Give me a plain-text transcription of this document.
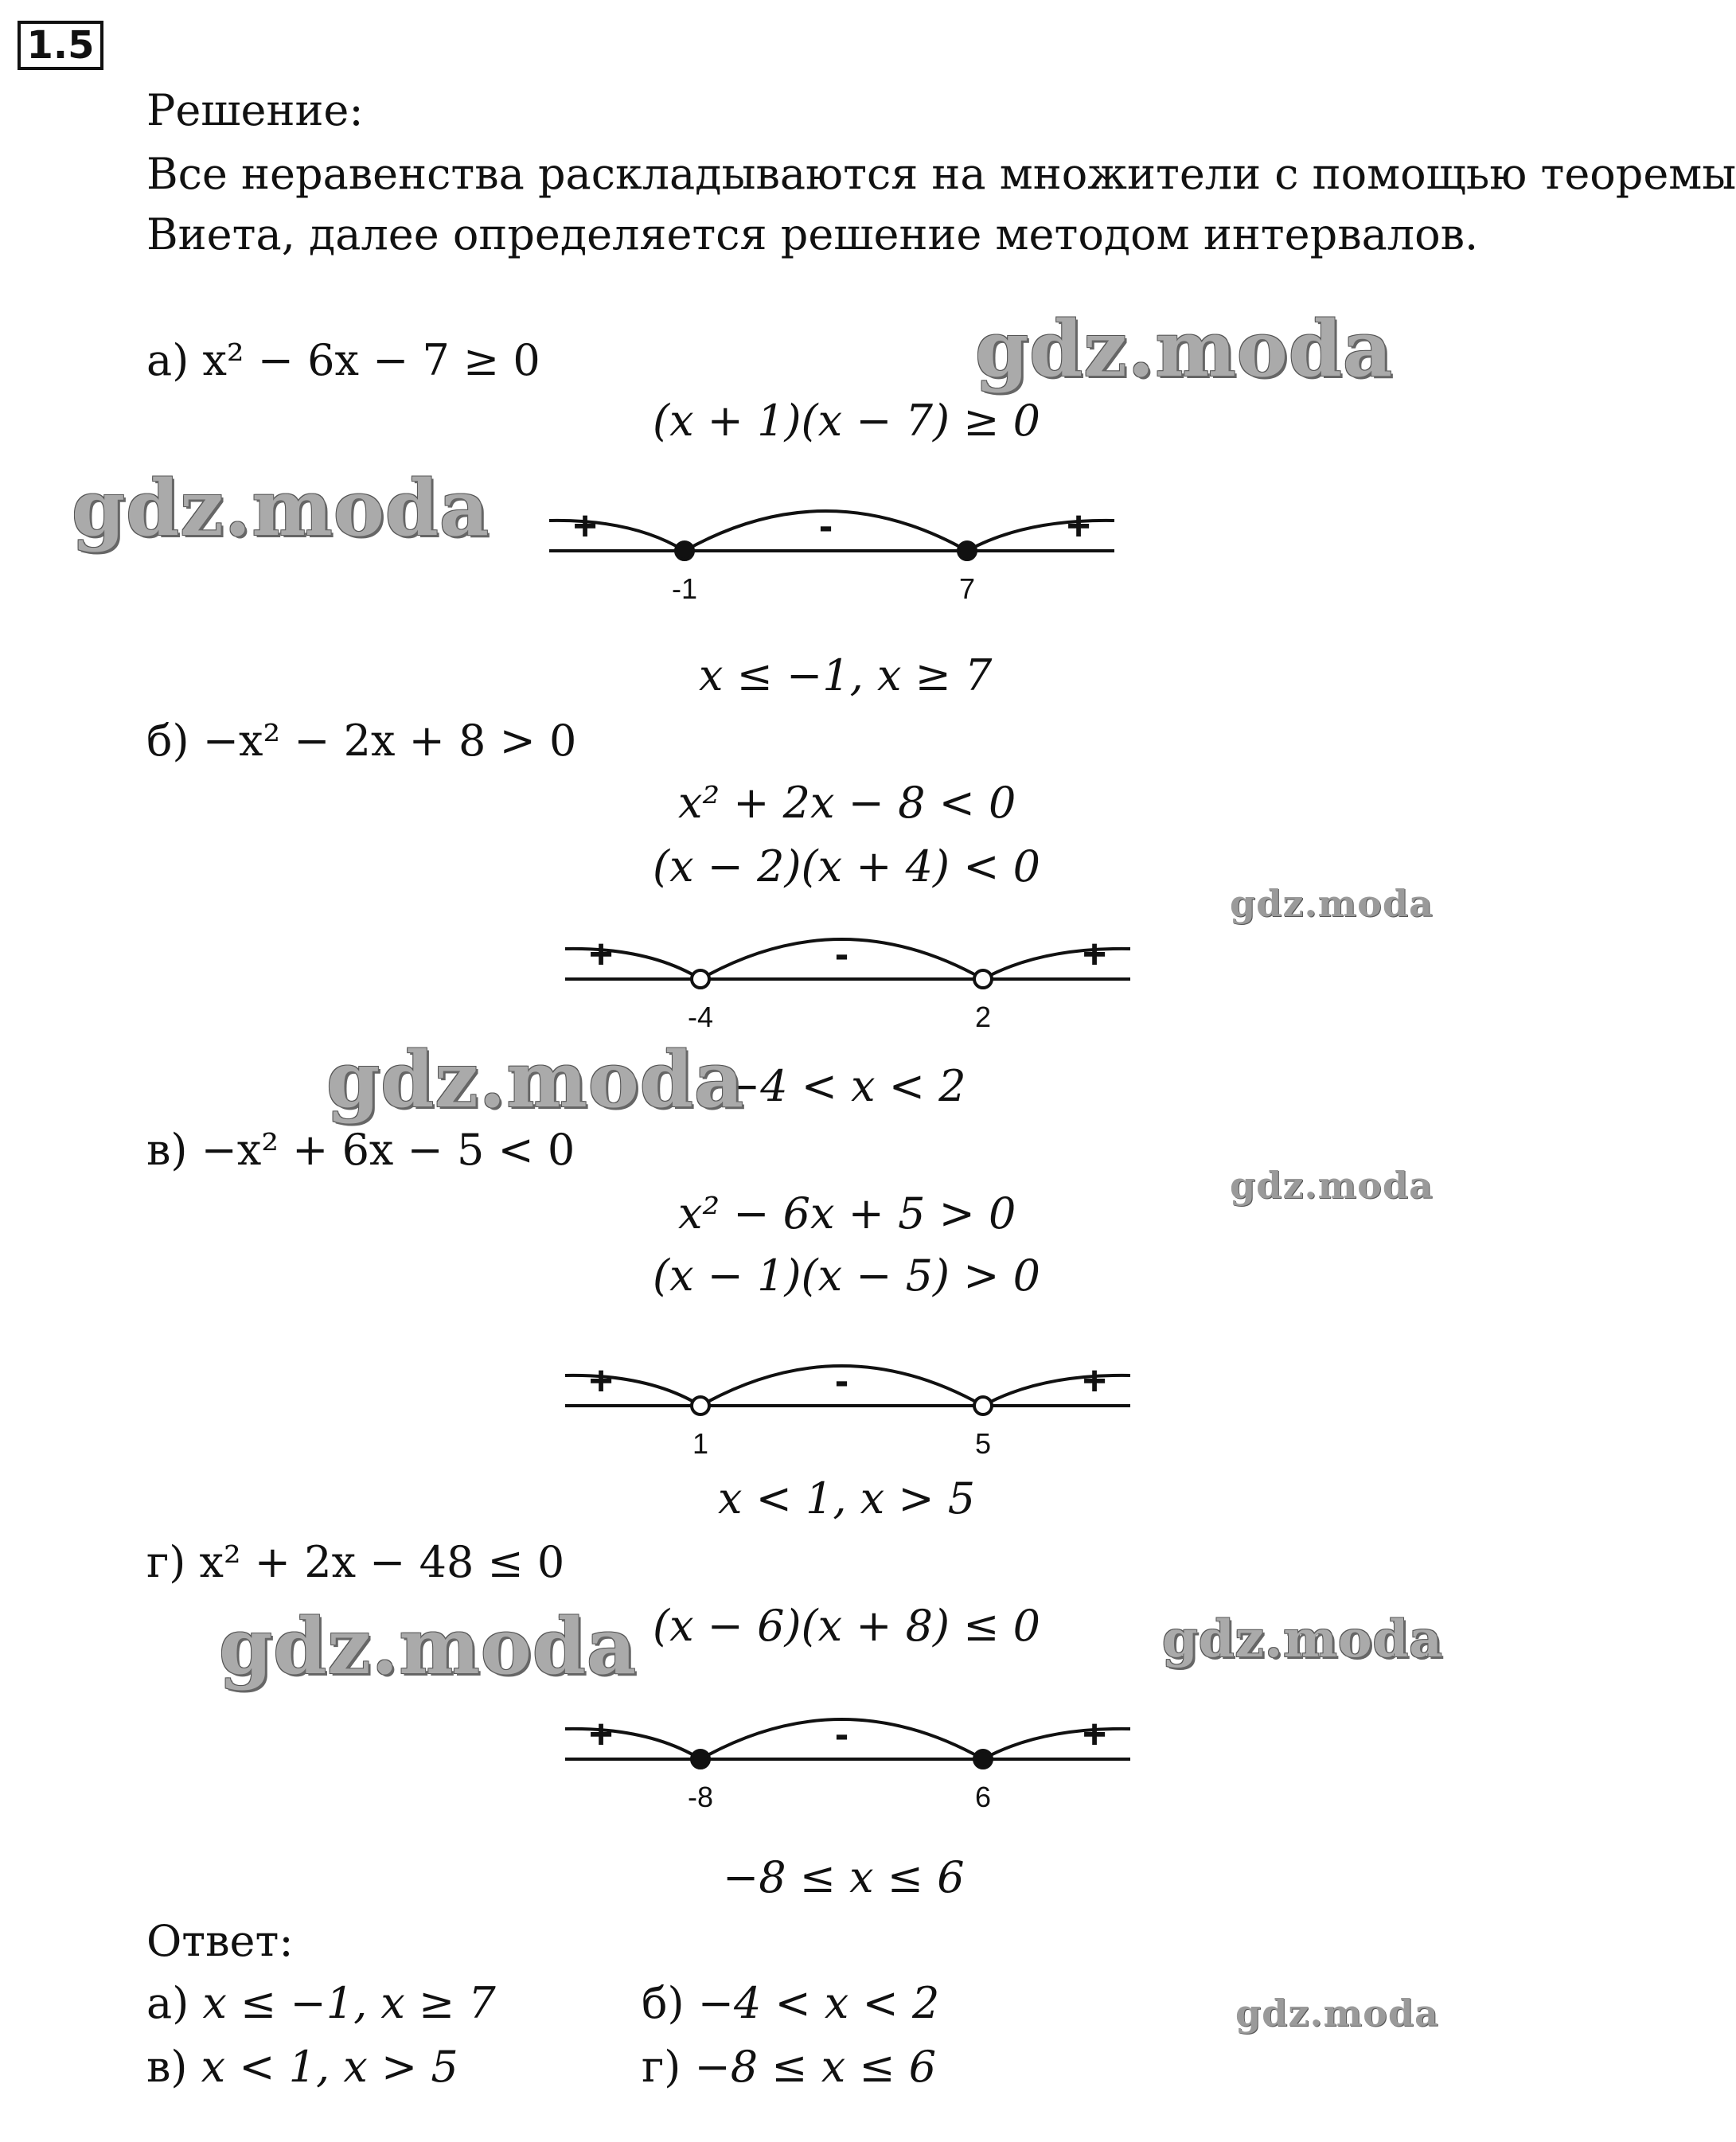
1.5
Решение:
Все неравенства раскладываются на множители с помощью теоремы
Виета, далее определяется решение методом интервалов.
а) x² − 6x − 7 ≥ 0	gdz.moda
(x + 1)(x − 7) ≥ 0
gdz.moda
-1	7
+	-	+
x ≤ −1, x ≥ 7
б) −x² − 2x + 8 > 0
x² + 2x − 8 < 0
(x − 2)(x + 4) < 0
gdz.moda
-4	2
+	-	+
−4 < x < 2
gdz.moda
в) −x² + 6x − 5 < 0
gdz.moda
x² − 6x + 5 > 0
(x − 1)(x − 5) > 0
1	5
+	-	+
x < 1, x > 5
г) x² + 2x − 48 ≤ 0
gdz.moda (x − 6)(x + 8) ≤ 0 gdz.moda
-8	6
+	-	+
−8 ≤ x ≤ 6
Ответ:
а) x ≤ −1, x ≥ 7	б) −4 < x < 2	gdz.moda
в) x < 1, x > 5	г) −8 ≤ x ≤ 6
